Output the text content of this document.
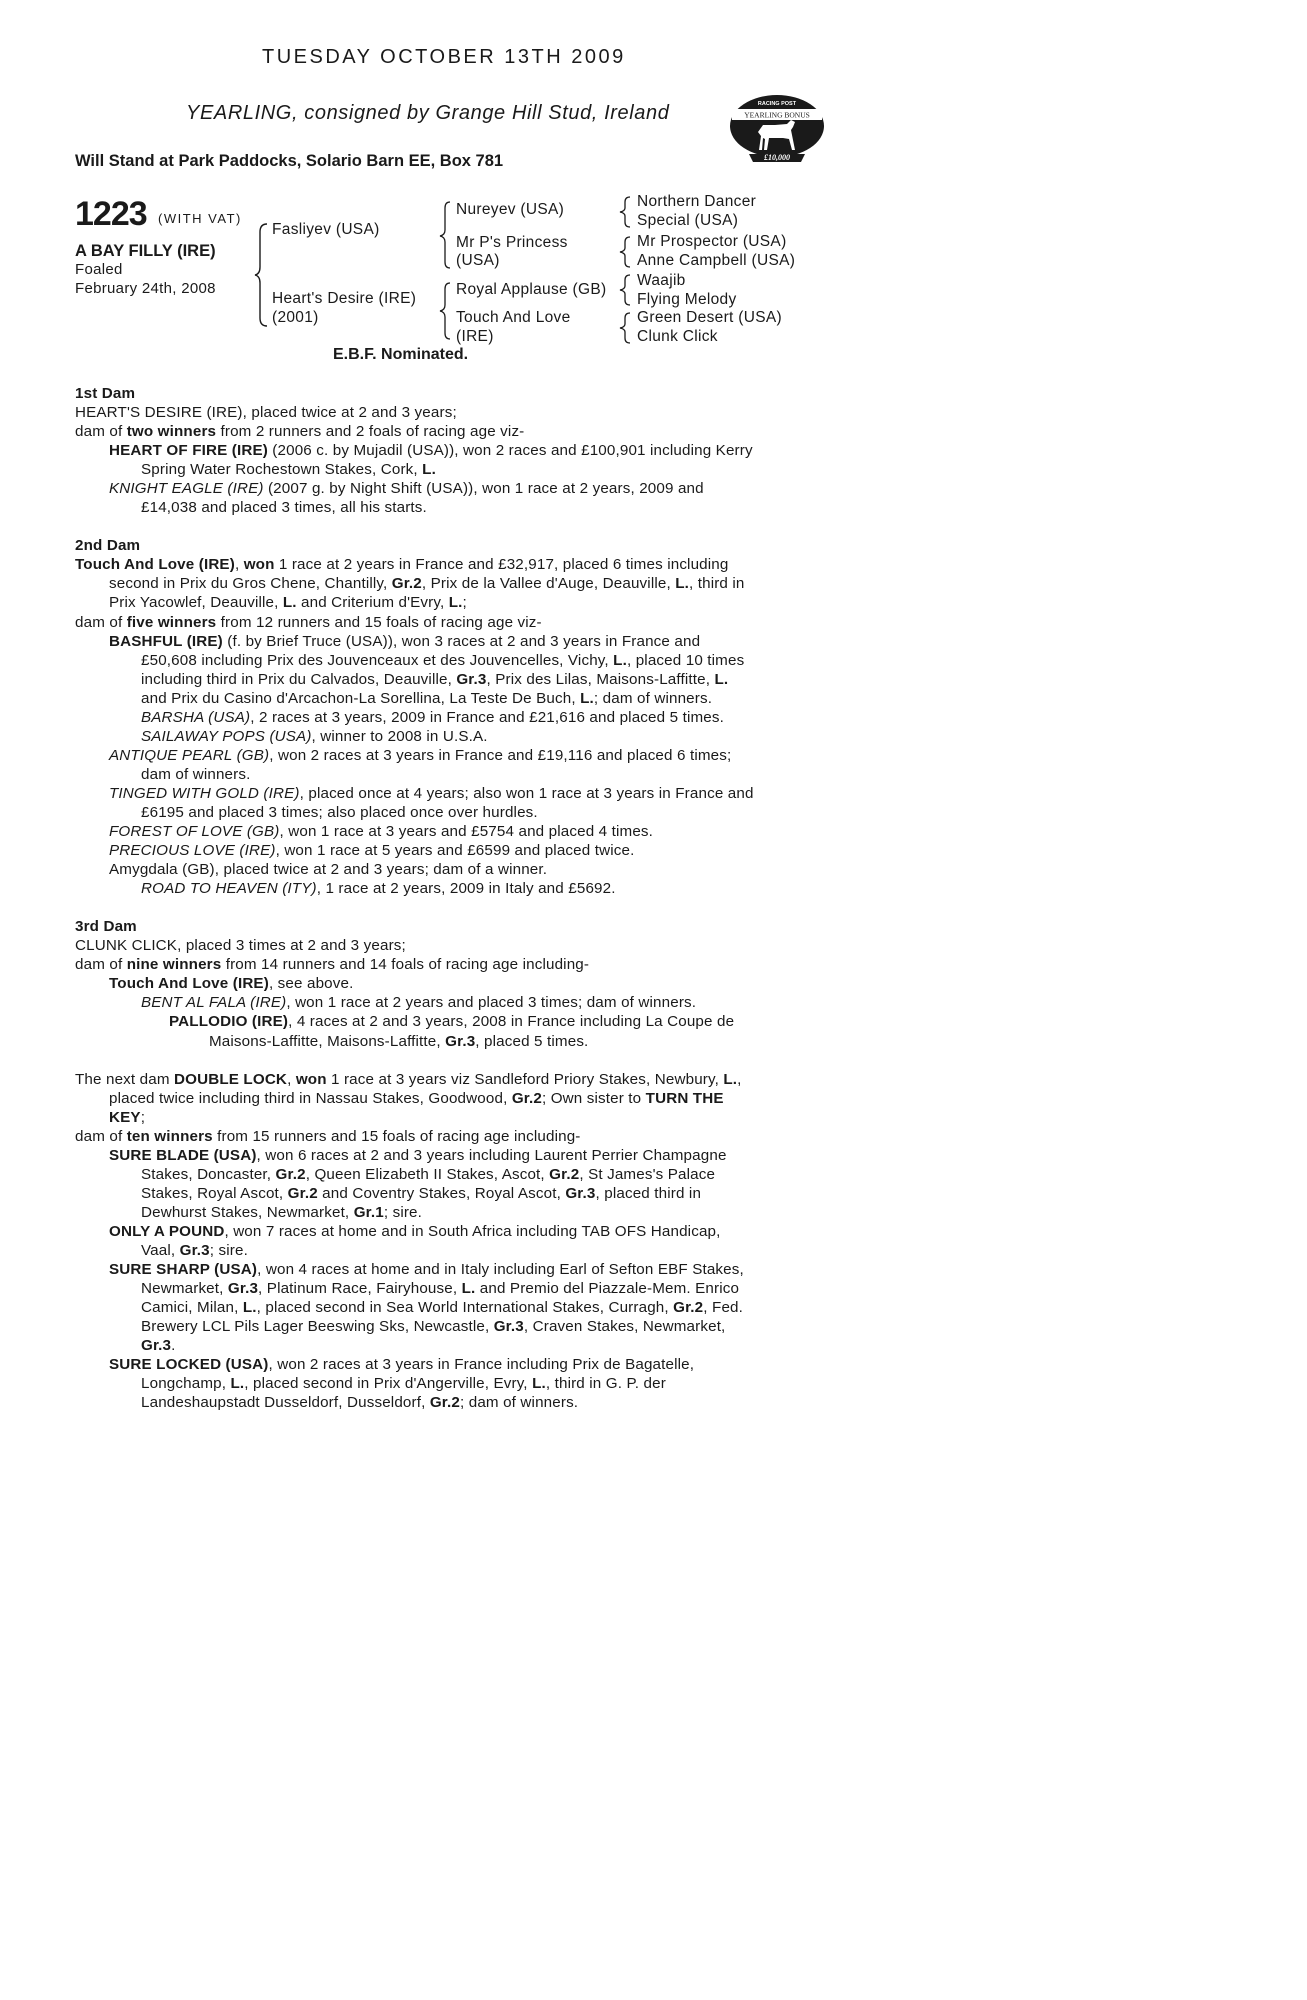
TUESDAY OCTOBER 13TH 2009
YEARLING, consigned by Grange Hill Stud, Ireland
Will Stand at Park Paddocks, Solario Barn EE, Box 781
RACING POST
YEARLING BONUS
£10,000
1223 (WITH VAT)
A BAY FILLY (IRE)
Foaled
February 24th, 2008
Fasliyev (USA)
Heart's Desire (IRE)
(2001)
Nureyev (USA)
Mr P's Princess
(USA)
Royal Applause (GB)
Touch And Love
(IRE)
Northern Dancer
Special (USA)
Mr Prospector (USA)
Anne Campbell (USA)
Waajib
Flying Melody
Green Desert (USA)
Clunk Click
E.B.F. Nominated.

1st Dam

HEART'S DESIRE (IRE), placed twice at 2 and 3 years;

dam of two winners from 2 runners and 2 foals of racing age viz-

HEART OF FIRE (IRE) (2006 c. by Mujadil (USA)), won 2 races and £100,901 including Kerry Spring Water Rochestown Stakes, Cork, L.

KNIGHT EAGLE (IRE) (2007 g. by Night Shift (USA)), won 1 race at 2 years, 2009 and £14,038 and placed 3 times, all his starts.

2nd Dam

Touch And Love (IRE), won 1 race at 2 years in France and £32,917, placed 6 times including second in Prix du Gros Chene, Chantilly, Gr.2, Prix de la Vallee d'Auge, Deauville, L., third in Prix Yacowlef, Deauville, L. and Criterium d'Evry, L.;

dam of five winners from 12 runners and 15 foals of racing age viz-

BASHFUL (IRE) (f. by Brief Truce (USA)), won 3 races at 2 and 3 years in France and £50,608 including Prix des Jouvenceaux et des Jouvencelles, Vichy, L., placed 10 times including third in Prix du Calvados, Deauville, Gr.3, Prix des Lilas, Maisons-Laffitte, L. and Prix du Casino d'Arcachon-La Sorellina, La Teste De Buch, L.; dam of winners.

BARSHA (USA), 2 races at 3 years, 2009 in France and £21,616 and placed 5 times.

SAILAWAY POPS (USA), winner to 2008 in U.S.A.

ANTIQUE PEARL (GB), won 2 races at 3 years in France and £19,116 and placed 6 times; dam of winners.

TINGED WITH GOLD (IRE), placed once at 4 years; also won 1 race at 3 years in France and £6195 and placed 3 times; also placed once over hurdles.

FOREST OF LOVE (GB), won 1 race at 3 years and £5754 and placed 4 times.

PRECIOUS LOVE (IRE), won 1 race at 5 years and £6599 and placed twice.

Amygdala (GB), placed twice at 2 and 3 years; dam of a winner.

ROAD TO HEAVEN (ITY), 1 race at 2 years, 2009 in Italy and £5692.

3rd Dam

CLUNK CLICK, placed 3 times at 2 and 3 years;

dam of nine winners from 14 runners and 14 foals of racing age including-

Touch And Love (IRE), see above.

BENT AL FALA (IRE), won 1 race at 2 years and placed 3 times; dam of winners.

PALLODIO (IRE), 4 races at 2 and 3 years, 2008 in France including La Coupe de Maisons-Laffitte, Maisons-Laffitte, Gr.3, placed 5 times.

The next dam DOUBLE LOCK, won 1 race at 3 years viz Sandleford Priory Stakes, Newbury, L., placed twice including third in Nassau Stakes, Goodwood, Gr.2; Own sister to TURN THE KEY;

dam of ten winners from 15 runners and 15 foals of racing age including-

SURE BLADE (USA), won 6 races at 2 and 3 years including Laurent Perrier Champagne Stakes, Doncaster, Gr.2, Queen Elizabeth II Stakes, Ascot, Gr.2, St James's Palace Stakes, Royal Ascot, Gr.2 and Coventry Stakes, Royal Ascot, Gr.3, placed third in Dewhurst Stakes, Newmarket, Gr.1; sire.

ONLY A POUND, won 7 races at home and in South Africa including TAB OFS Handicap, Vaal, Gr.3; sire.

SURE SHARP (USA), won 4 races at home and in Italy including Earl of Sefton EBF Stakes, Newmarket, Gr.3, Platinum Race, Fairyhouse, L. and Premio del Piazzale-Mem. Enrico Camici, Milan, L., placed second in Sea World International Stakes, Curragh, Gr.2, Fed. Brewery LCL Pils Lager Beeswing Sks, Newcastle, Gr.3, Craven Stakes, Newmarket, Gr.3.

SURE LOCKED (USA), won 2 races at 3 years in France including Prix de Bagatelle, Longchamp, L., placed second in Prix d'Angerville, Evry, L., third in G. P. der Landeshaupstadt Dusseldorf, Dusseldorf, Gr.2; dam of winners.
